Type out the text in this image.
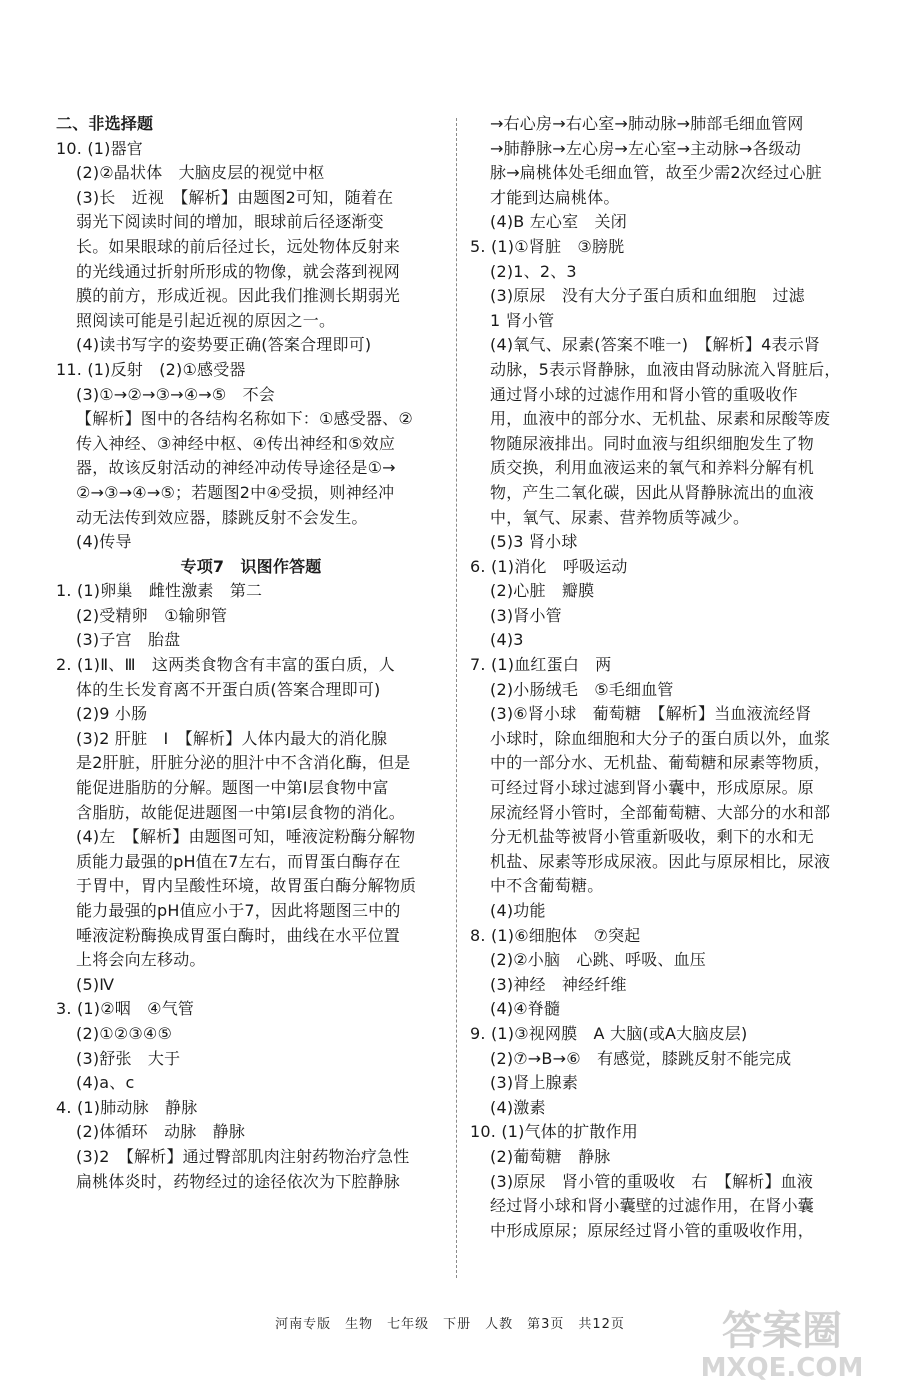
二、非选择题
10. (1)器官
(2)②晶状体　大脑皮层的视觉中枢
(3)长　近视　【解析】由题图2可知，随着在
弱光下阅读时间的增加，眼球前后径逐渐变
长。如果眼球的前后径过长，远处物体反射来
的光线通过折射所形成的物像，就会落到视网
膜的前方，形成近视。因此我们推测长期弱光
照阅读可能是引起近视的原因之一。
(4)读书写字的姿势要正确(答案合理即可)
11. (1)反射　(2)①感受器
(3)①→②→③→④→⑤　不会
【解析】图中的各结构名称如下：①感受器、②
传入神经、③神经中枢、④传出神经和⑤效应
器，故该反射活动的神经冲动传导途径是①→
②→③→④→⑤；若题图2中④受损，则神经冲
动无法传到效应器，膝跳反射不会发生。
(4)传导
专项7　识图作答题
1. (1)卵巢　雌性激素　第二
(2)受精卵　①输卵管
(3)子宫　胎盘
2. (1)Ⅱ、Ⅲ　这两类食物含有丰富的蛋白质，人
体的生长发育离不开蛋白质(答案合理即可)
(2)9 小肠
(3)2 肝脏　Ⅰ　【解析】人体内最大的消化腺
是2肝脏，肝脏分泌的胆汁中不含消化酶，但是
能促进脂肪的分解。题图一中第Ⅰ层食物中富
含脂肪，故能促进题图一中第Ⅰ层食物的消化。
(4)左　【解析】由题图可知，唾液淀粉酶分解物
质能力最强的pH值在7左右，而胃蛋白酶存在
于胃中，胃内呈酸性环境，故胃蛋白酶分解物质
能力最强的pH值应小于7，因此将题图三中的
唾液淀粉酶换成胃蛋白酶时，曲线在水平位置
上将会向左移动。
(5)Ⅳ
3. (1)②咽　④气管
(2)①②③④⑤
(3)舒张　大于
(4)a、c
4. (1)肺动脉　静脉
(2)体循环　动脉　静脉
(3)2　【解析】通过臀部肌肉注射药物治疗急性
扁桃体炎时，药物经过的途径依次为下腔静脉
→右心房→右心室→肺动脉→肺部毛细血管网
→肺静脉→左心房→左心室→主动脉→各级动
脉→扁桃体处毛细血管，故至少需2次经过心脏
才能到达扁桃体。
(4)B 左心室　关闭
5. (1)①肾脏　③膀胱
(2)1、2、3
(3)原尿　没有大分子蛋白质和血细胞　过滤
1 肾小管
(4)氧气、尿素(答案不唯一)　【解析】4表示肾
动脉，5表示肾静脉，血液由肾动脉流入肾脏后，
通过肾小球的过滤作用和肾小管的重吸收作
用，血液中的部分水、无机盐、尿素和尿酸等废
物随尿液排出。同时血液与组织细胞发生了物
质交换，利用血液运来的氧气和养料分解有机
物，产生二氧化碳，因此从肾静脉流出的血液
中，氧气、尿素、营养物质等减少。
(5)3 肾小球
6. (1)消化　呼吸运动
(2)心脏　瓣膜
(3)肾小管
(4)3
7. (1)血红蛋白　两
(2)小肠绒毛　⑤毛细血管
(3)⑥肾小球　葡萄糖　【解析】当血液流经肾
小球时，除血细胞和大分子的蛋白质以外，血浆
中的一部分水、无机盐、葡萄糖和尿素等物质，
可经过肾小球过滤到肾小囊中，形成原尿。原
尿流经肾小管时，全部葡萄糖、大部分的水和部
分无机盐等被肾小管重新吸收，剩下的水和无
机盐、尿素等形成尿液。因此与原尿相比，尿液
中不含葡萄糖。
(4)功能
8. (1)⑥细胞体　⑦突起
(2)②小脑　心跳、呼吸、血压
(3)神经　神经纤维
(4)④脊髓
9. (1)③视网膜　A 大脑(或A大脑皮层)
(2)⑦→B→⑥　有感觉，膝跳反射不能完成
(3)肾上腺素
(4)激素
10. (1)气体的扩散作用
(2)葡萄糖　静脉
(3)原尿　肾小管的重吸收　右　【解析】血液
经过肾小球和肾小囊壁的过滤作用，在肾小囊
中形成原尿；原尿经过肾小管的重吸收作用，
河南专版　生物　七年级　下册　人教　第3页　共12页	答案圈
MXQE.COM
